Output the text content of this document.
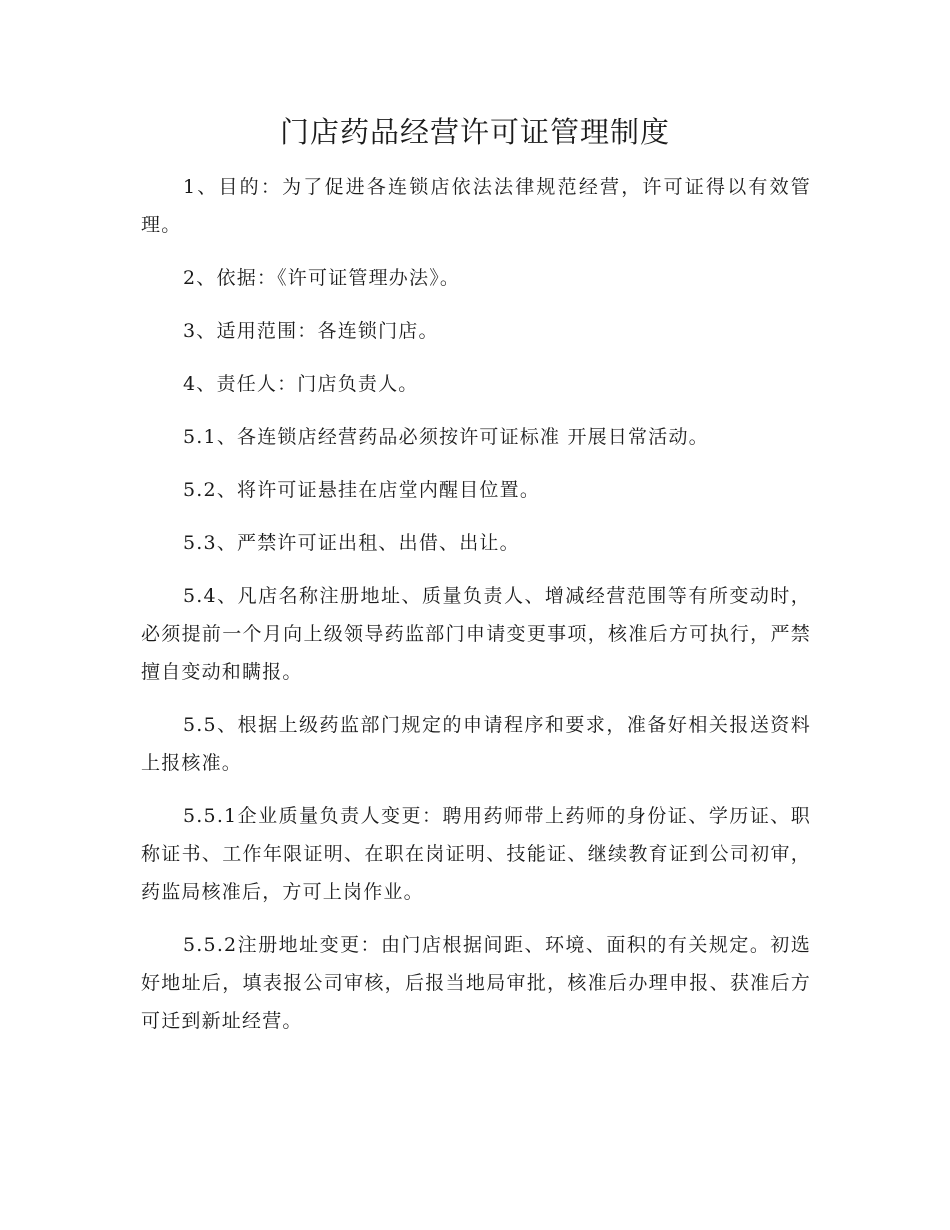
门店药品经营许可证管理制度

1、目的：为了促进各连锁店依法法律规范经营，许可证得以有效管理。

2、依据：《许可证管理办法》。

3、适用范围：各连锁门店。

4、责任人：门店负责人。

5.1、各连锁店经营药品必须按许可证标准 开展日常活动。

5.2、将许可证悬挂在店堂内醒目位置。

5.3、严禁许可证出租、出借、出让。

5.4、凡店名称注册地址、质量负责人、增减经营范围等有所变动时，必须提前一个月向上级领导药监部门申请变更事项，核准后方可执行，严禁擅自变动和瞒报。

5.5、根据上级药监部门规定的申请程序和要求，准备好相关报送资料上报核准。

5.5.1企业质量负责人变更：聘用药师带上药师的身份证、学历证、职称证书、工作年限证明、在职在岗证明、技能证、继续教育证到公司初审，药监局核准后，方可上岗作业。

5.5.2注册地址变更：由门店根据间距、环境、面积的有关规定。初选好地址后，填表报公司审核，后报当地局审批，核准后办理申报、获准后方可迁到新址经营。
